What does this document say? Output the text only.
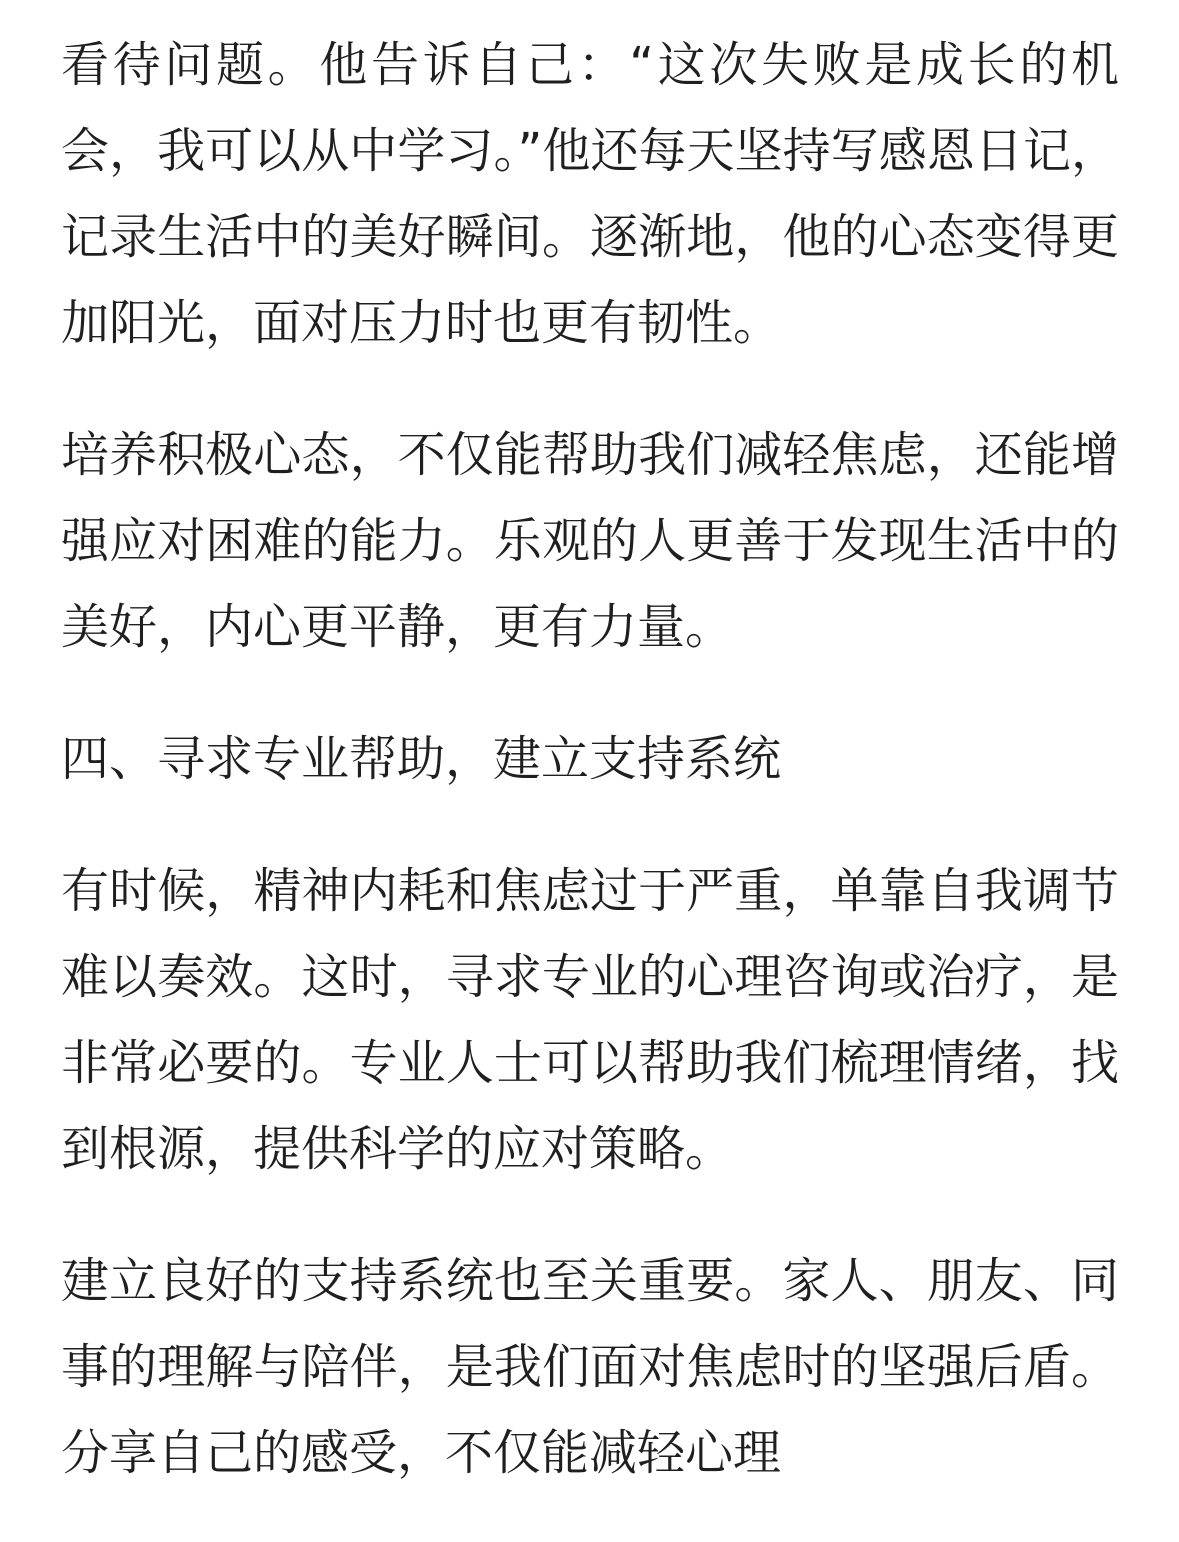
看待问题。他告诉自己：“这次失败是成长的机会，我可以从中学习。”他还每天坚持写感恩日记，记录生活中的美好瞬间。逐渐地，他的心态变得更加阳光，面对压力时也更有韧性。

培养积极心态，不仅能帮助我们减轻焦虑，还能增强应对困难的能力。乐观的人更善于发现生活中的美好，内心更平静，更有力量。

四、寻求专业帮助，建立支持系统

有时候，精神内耗和焦虑过于严重，单靠自我调节难以奏效。这时，寻求专业的心理咨询或治疗，是非常必要的。专业人士可以帮助我们梳理情绪，找到根源，提供科学的应对策略。

建立良好的支持系统也至关重要。家人、朋友、同事的理解与陪伴，是我们面对焦虑时的坚强后盾。分享自己的感受，不仅能减轻心理
